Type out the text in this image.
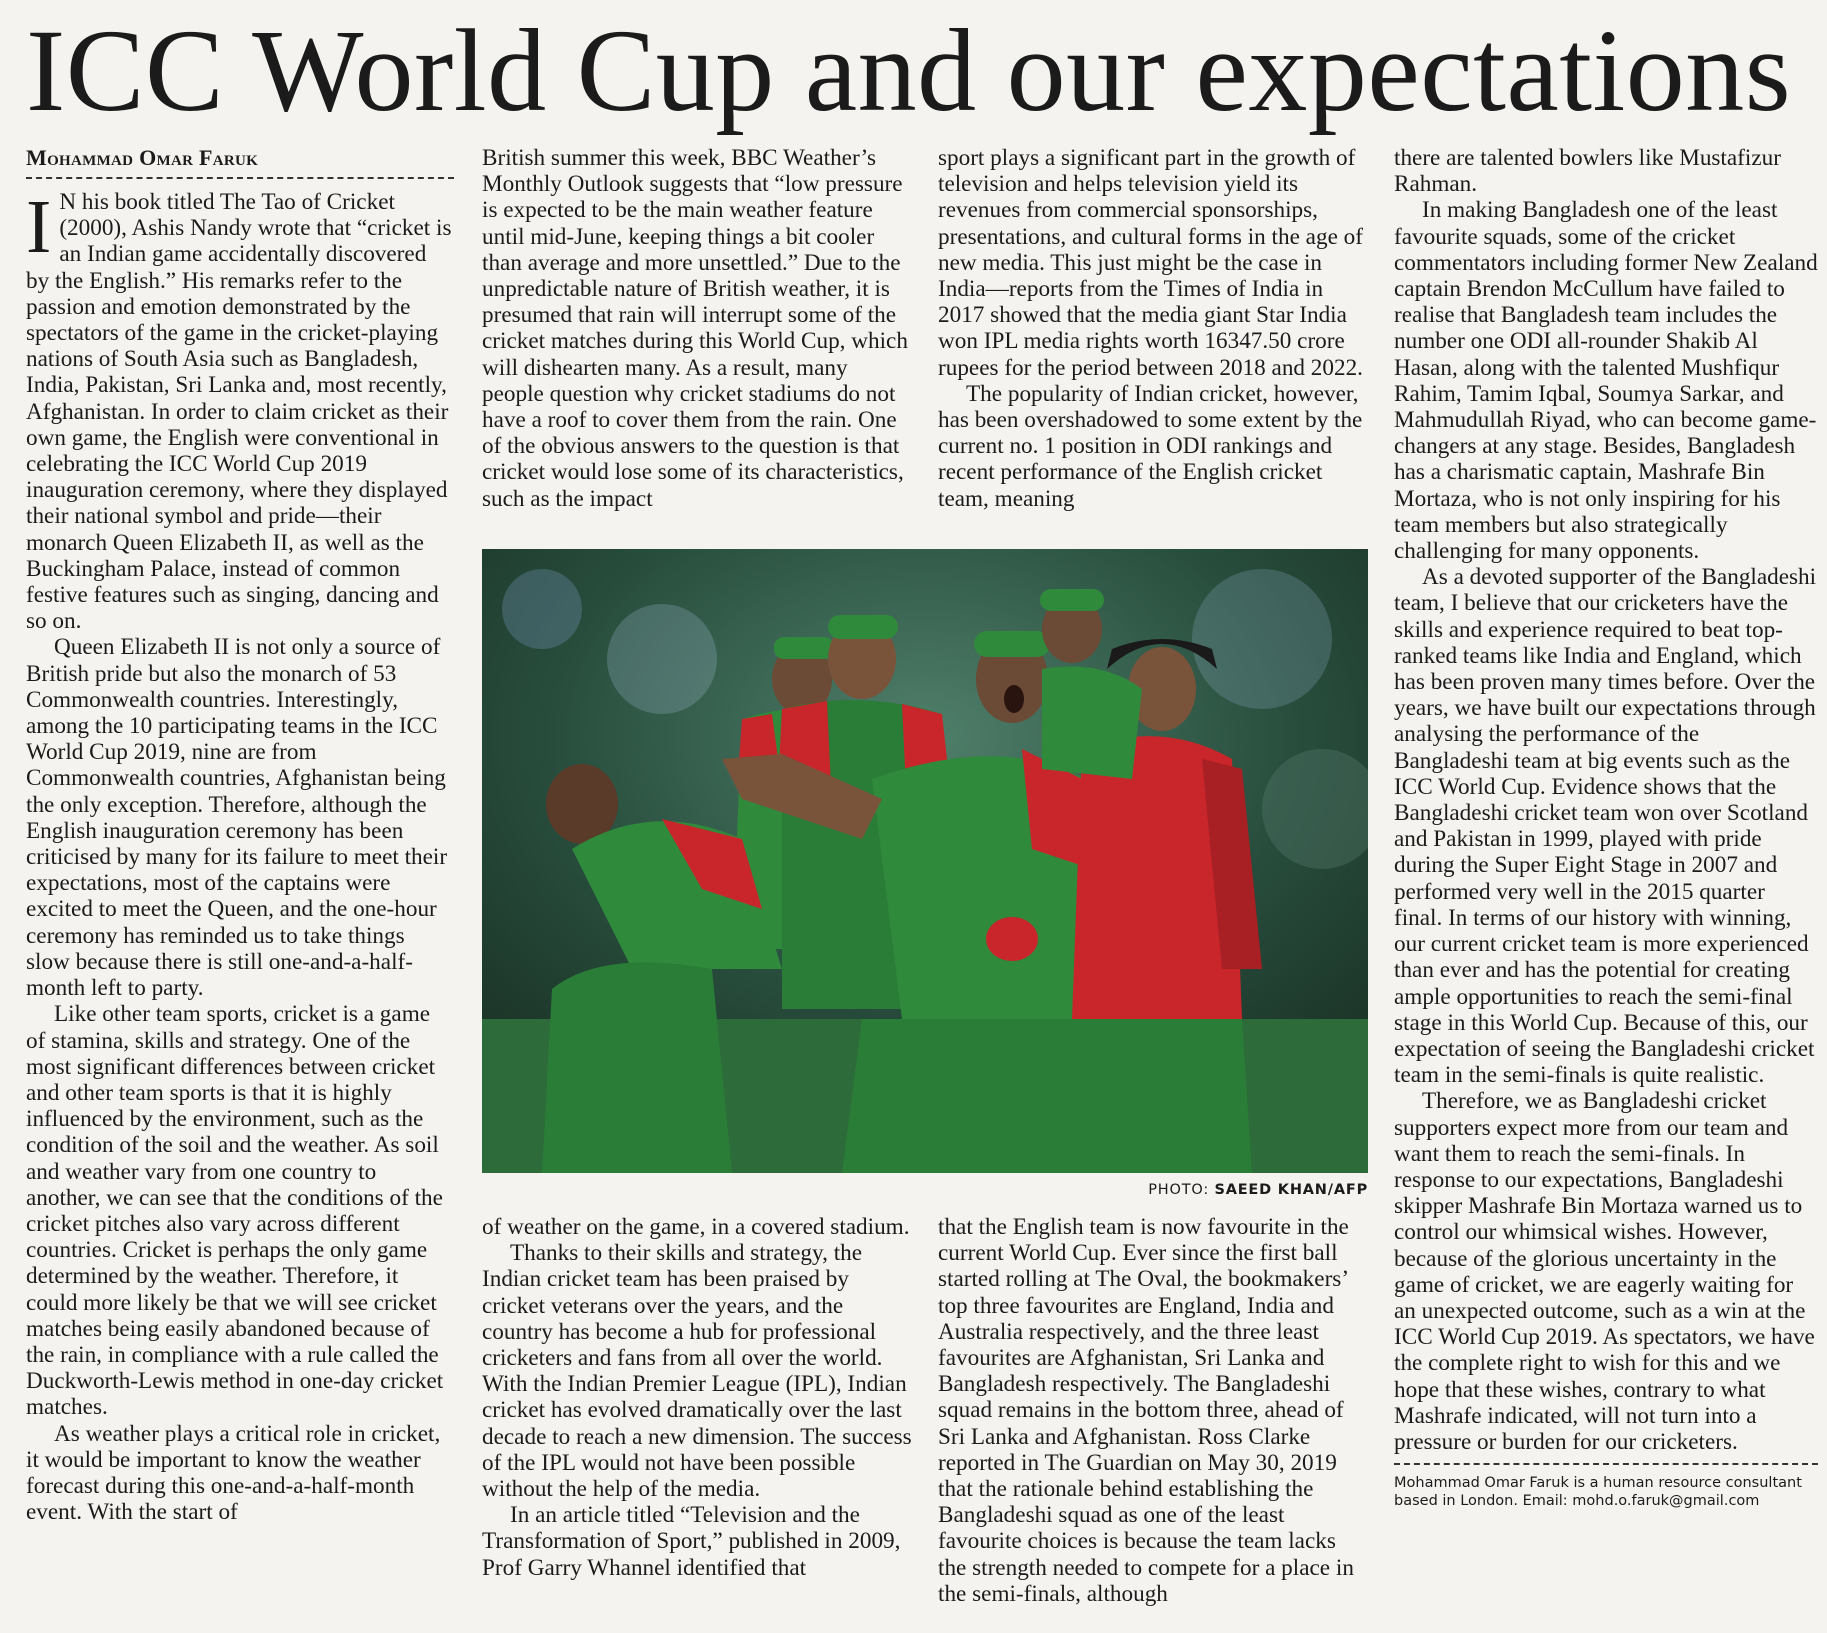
ICC World Cup and our expectations
Mohammad Omar Faruk

I N his book titled The Tao of Cricket (2000), Ashis Nandy wrote that “cricket is an Indian game accidentally discovered by the English.” His remarks refer to the passion and emotion demonstrated by the spectators of the game in the cricket-playing nations of South Asia such as Bangladesh, India, Pakistan, Sri Lanka and, most recently, Afghanistan. In order to claim cricket as their own game, the English were conventional in celebrating the ICC World Cup 2019 inauguration ceremony, where they displayed their national symbol and pride—their monarch Queen Elizabeth II, as well as the Buckingham Palace, instead of common festive features such as singing, dancing and so on.

Queen Elizabeth II is not only a source of British pride but also the monarch of 53 Commonwealth countries. Interestingly, among the 10 participating teams in the ICC World Cup 2019, nine are from Commonwealth countries, Afghanistan being the only exception. Therefore, although the English inauguration ceremony has been criticised by many for its failure to meet their expectations, most of the captains were excited to meet the Queen, and the one-hour ceremony has reminded us to take things slow because there is still one-and-a-half-month left to party.

Like other team sports, cricket is a game of stamina, skills and strategy. One of the most significant differences between cricket and other team sports is that it is highly influenced by the environment, such as the condition of the soil and the weather. As soil and weather vary from one country to another, we can see that the conditions of the cricket pitches also vary across different countries. Cricket is perhaps the only game determined by the weather. Therefore, it could more likely be that we will see cricket matches being easily abandoned because of the rain, in compliance with a rule called the Duckworth-Lewis method in one-day cricket matches.

As weather plays a critical role in cricket, it would be important to know the weather forecast during this one-and-a-half-month event. With the start of

British summer this week, BBC Weather’s Monthly Outlook suggests that “low pressure is expected to be the main weather feature until mid-June, keeping things a bit cooler than average and more unsettled.” Due to the unpredictable nature of British weather, it is presumed that rain will interrupt some of the cricket matches during this World Cup, which will dishearten many. As a result, many people question why cricket stadiums do not have a roof to cover them from the rain. One of the obvious answers to the question is that cricket would lose some of its characteristics, such as the impact

sport plays a significant part in the growth of television and helps television yield its revenues from commercial sponsorships, presentations, and cultural forms in the age of new media. This just might be the case in India—reports from the Times of India in 2017 showed that the media giant Star India won IPL media rights worth 16347.50 crore rupees for the period between 2018 and 2022.

The popularity of Indian cricket, however, has been overshadowed to some extent by the current no. 1 position in ODI rankings and recent performance of the English cricket team, meaning

PHOTO: SAEED KHAN/AFP

of weather on the game, in a covered stadium.

Thanks to their skills and strategy, the Indian cricket team has been praised by cricket veterans over the years, and the country has become a hub for professional cricketers and fans from all over the world. With the Indian Premier League (IPL), Indian cricket has evolved dramatically over the last decade to reach a new dimension. The success of the IPL would not have been possible without the help of the media.

In an article titled “Television and the Transformation of Sport,” published in 2009, Prof Garry Whannel identified that

that the English team is now favourite in the current World Cup. Ever since the first ball started rolling at The Oval, the bookmakers’ top three favourites are England, India and Australia respectively, and the three least favourites are Afghanistan, Sri Lanka and Bangladesh respectively. The Bangladeshi squad remains in the bottom three, ahead of Sri Lanka and Afghanistan. Ross Clarke reported in The Guardian on May 30, 2019 that the rationale behind establishing the Bangladeshi squad as one of the least favourite choices is because the team lacks the strength needed to compete for a place in the semi-finals, although

there are talented bowlers like Mustafizur Rahman.

In making Bangladesh one of the least favourite squads, some of the cricket commentators including former New Zealand captain Brendon McCullum have failed to realise that Bangladesh team includes the number one ODI all-rounder Shakib Al Hasan, along with the talented Mushfiqur Rahim, Tamim Iqbal, Soumya Sarkar, and Mahmudullah Riyad, who can become game-changers at any stage. Besides, Bangladesh has a charismatic captain, Mashrafe Bin Mortaza, who is not only inspiring for his team members but also strategically challenging for many opponents.

As a devoted supporter of the Bangladeshi team, I believe that our cricketers have the skills and experience required to beat top-ranked teams like India and England, which has been proven many times before. Over the years, we have built our expectations through analysing the performance of the Bangladeshi team at big events such as the ICC World Cup. Evidence shows that the Bangladeshi cricket team won over Scotland and Pakistan in 1999, played with pride during the Super Eight Stage in 2007 and performed very well in the 2015 quarter final. In terms of our history with winning, our current cricket team is more experienced than ever and has the potential for creating ample opportunities to reach the semi-final stage in this World Cup. Because of this, our expectation of seeing the Bangladeshi cricket team in the semi-finals is quite realistic.

Therefore, we as Bangladeshi cricket supporters expect more from our team and want them to reach the semi-finals. In response to our expectations, Bangladeshi skipper Mashrafe Bin Mortaza warned us to control our whimsical wishes. However, because of the glorious uncertainty in the game of cricket, we are eagerly waiting for an unexpected outcome, such as a win at the ICC World Cup 2019. As spectators, we have the complete right to wish for this and we hope that these wishes, contrary to what Mashrafe indicated, will not turn into a pressure or burden for our cricketers.

Mohammad Omar Faruk is a human resource consultant based in London. Email: mohd.o.faruk@gmail.com
